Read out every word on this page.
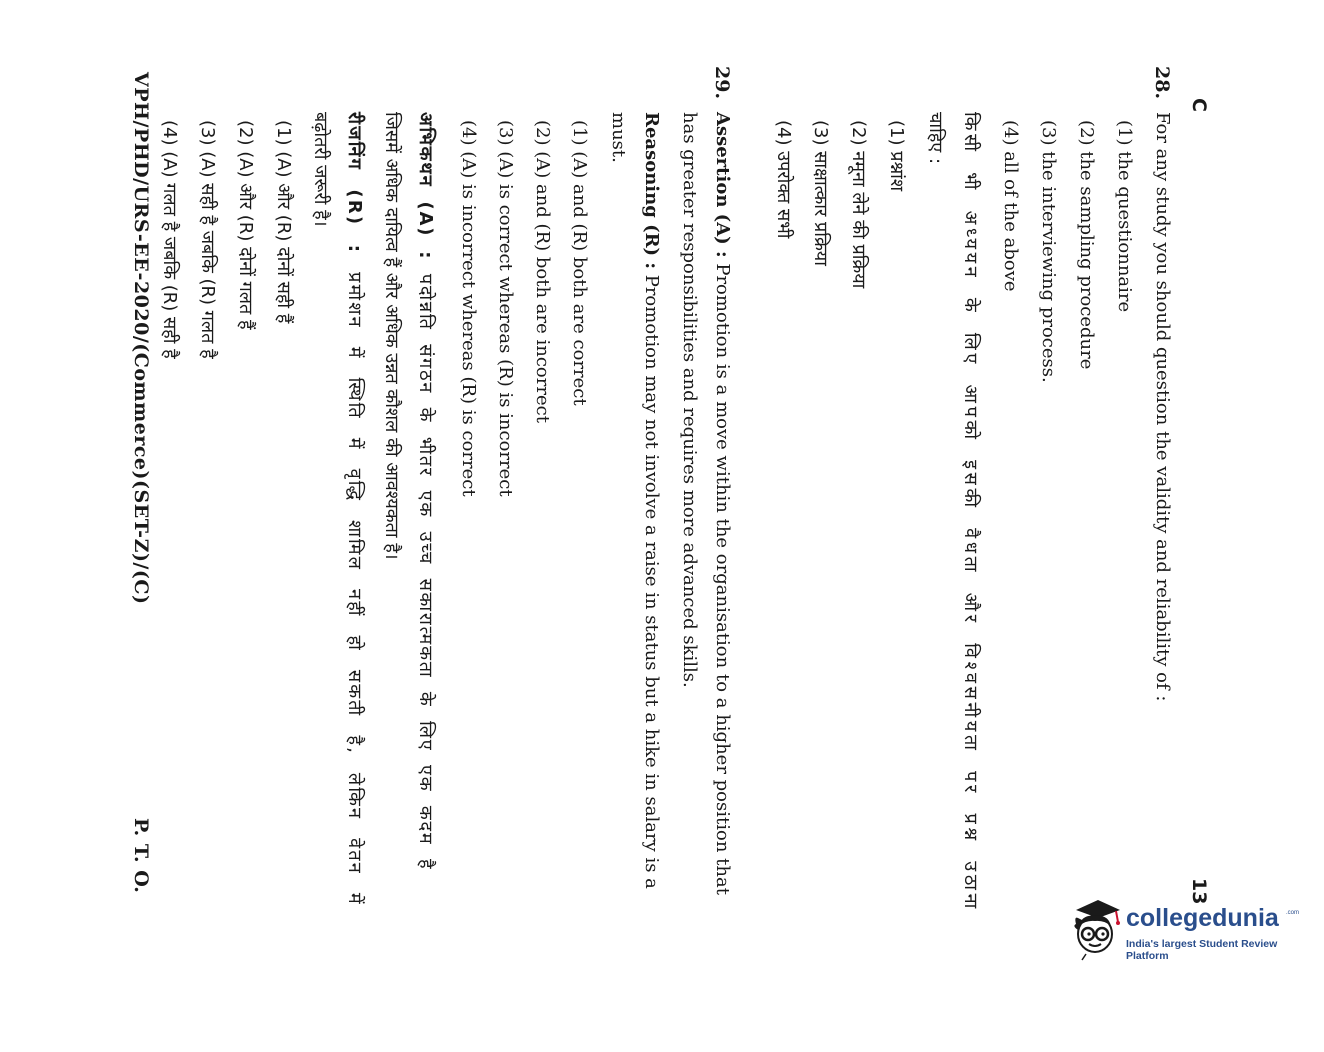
C
13
28.
For any study you should question the validity and reliability of :
(1) the questionnaire
(2) the sampling procedure
(3) the interviewing process.
(4) all of the above
किसी भी अध्ययन के लिए आपको इसकी वैधता और विश्वसनीयता पर प्रश्न उठाना
चाहिए :
(1) प्रश्नांश
(2) नमूना लेने की प्रक्रिया
(3) साक्षात्कार प्रक्रिया
(4) उपरोक्त सभी
29.
Assertion (A) : Promotion is a move within the organisation to a higher position that
has greater responsibilities and requires more advanced skills.
Reasoning (R) : Promotion may not involve a raise in status but a hike in salary is a
must.
(1) (A) and (R) both are correct
(2) (A) and (R) both are incorrect
(3) (A) is correct whereas (R) is incorrect
(4) (A) is incorrect whereas (R) is correct
अभिकथन (A) : पदोन्नति संगठन के भीतर एक उच्च सकारात्मकता के लिए एक कदम है
जिसमें अधिक दायित्व हैं और अधिक उन्नत कौशल की आवश्यकता है।
रीजनिंग (R) : प्रमोशन में स्थिति में वृद्धि शामिल नहीं हो सकती है, लेकिन वेतन में
बढ़ोतरी जरूरी है।
(1) (A) और (R) दोनों सही हैं
(2) (A) और (R) दोनों गलत हैं
(3) (A) सही है जबकि (R) गलत है
(4) (A) गलत है जबकि (R) सही है
VPH/PHD/URS-EE-2020/(Commerce)(SET-Z)/(C)
P. T. O.
collegedunia .com
India's largest Student Review Platform
